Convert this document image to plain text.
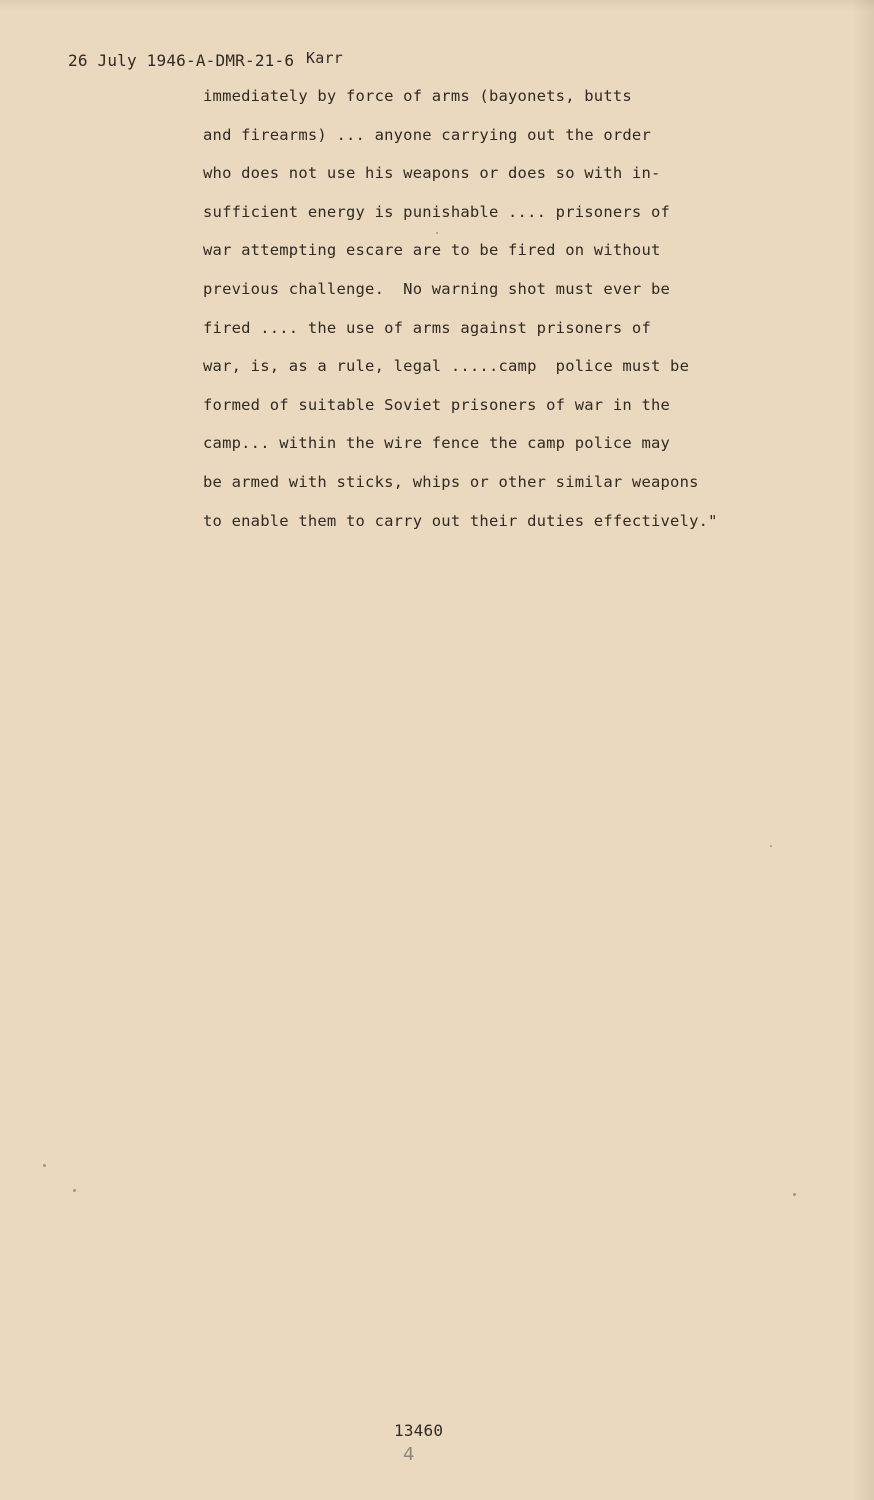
26 July 1946-A-DMR-21-6 Karr
immediately by force of arms (bayonets, butts
and firearms) ... anyone carrying out the order
who does not use his weapons or does so with in-
sufficient energy is punishable .... prisoners of
war attempting escare are to be fired on without
previous challenge.  No warning shot must ever be
fired .... the use of arms against prisoners of
war, is, as a rule, legal .....camp  police must be
formed of suitable Soviet prisoners of war in the
camp... within the wire fence the camp police may
be armed with sticks, whips or other similar weapons
to enable them to carry out their duties effectively."
13460
4
